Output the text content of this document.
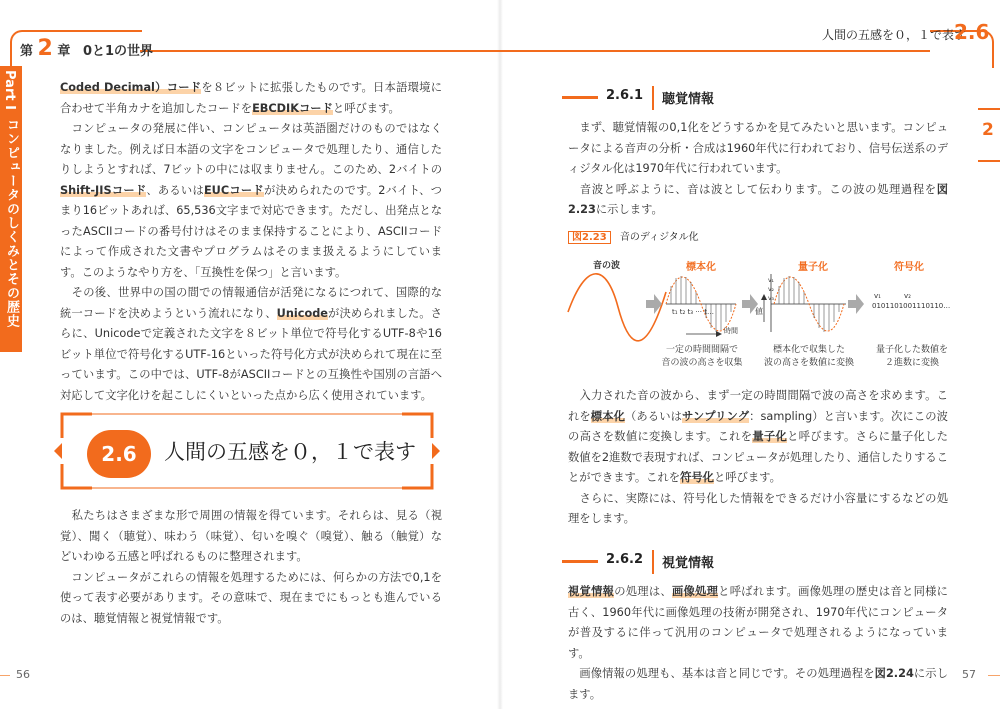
第 2 章 0と1の世界
Part I
コンピュータのしくみとその歴史

Coded Decimal）コードを８ビットに拡張したものです。日本語環境に合わせて半角カナを追加したコードをEBCDIKコードと呼びます。

　コンピュータの発展に伴い、コンピュータは英語圏だけのものではなくなりました。例えば日本語の文字をコンピュータで処理したり、通信したりしようとすれば、7ビットの中には収まりません。このため、2バイトのShift-JISコード、あるいはEUCコードが決められたのです。2バイト、つまり16ビットあれば、65,536文字まで対応できます。ただし、出発点となったASCIIコードの番号付けはそのまま保持することにより、ASCIIコードによって作成された文書やプログラムはそのまま扱えるようにしています。このようなやり方を、「互換性を保つ」と言います。

　その後、世界中の国の間での情報通信が活発になるにつれて、国際的な統一コードを決めようという流れになり、Unicodeが決められました。さらに、Unicodeで定義された文字を８ビット単位で符号化するUTF-8や16ビット単位で符号化するUTF-16といった符号化方式が決められて現在に至っています。この中では、UTF-8がASCIIコードとの互換性や国別の言語へ対応して文字化けを起こしにくいといった点から広く使用されています。

2.6	人間の五感を０，１で表す

　私たちはさまざまな形で周囲の情報を得ています。それらは、見る（視覚）、聞く（聴覚）、味わう（味覚）、匂いを嗅ぐ（嗅覚）、触る（触覚）などいわゆる五感と呼ばれるものに整理されます。

　コンピュータがこれらの情報を処理するためには、何らかの方法で0,1を使って表す必要があります。その意味で、現在までにもっとも進んでいるのは、聴覚情報と視覚情報です。

56
人間の五感を０，１で表す
2.6
2
2.6.1 聴覚情報

　まず、聴覚情報の0,1化をどうするかを見てみたいと思います。コンピュータによる音声の分析・合成は1960年代に行われており、信号伝送系のディジタル化は1970年代に行われています。

　音波と呼ぶように、音は波として伝わります。この波の処理過程を図2.23に示します。

図2.23 音のディジタル化
音の波	標本化	量子化	符号化
t₁ t₂ t₃ ··· t…
時間
値
v₁
v₂
v₃	v₁	v₂
0101101001110110…
一定の時間間隔で
音の波の高さを収集
標本化で収集した
波の高さを数値に変換
量子化した数値を
２進数に変換

　入力された音の波から、まず一定の時間間隔で波の高さを求めます。これを標本化（あるいはサンプリング：sampling）と言います。次にこの波の高さを数値に変換します。これを量子化と呼びます。さらに量子化した数値を2進数で表現すれば、コンピュータが処理したり、通信したりすることができます。これを符号化と呼びます。

　さらに、実際には、符号化した情報をできるだけ小容量にするなどの処理をします。

2.6.2 視覚情報

視覚情報の処理は、画像処理と呼ばれます。画像処理の歴史は音と同様に古く、1960年代に画像処理の技術が開発され、1970年代にコンピュータが普及するに伴って汎用のコンピュータで処理されるようになっています。

　画像情報の処理も、基本は音と同じです。その処理過程を図2.24に示します。

57
